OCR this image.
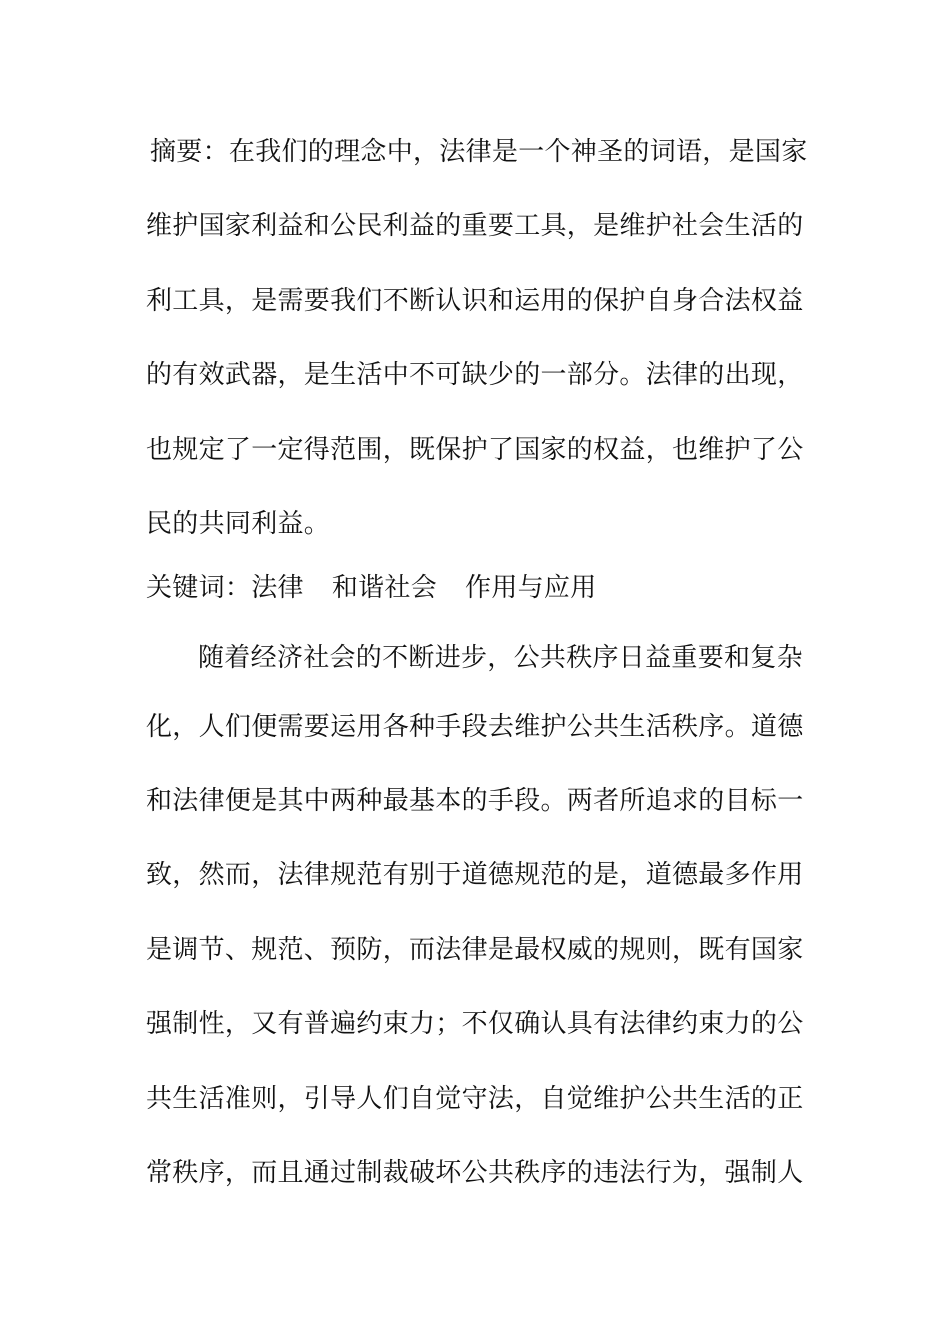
摘要：在我们的理念中，法律是一个神圣的词语，是国家
维护国家利益和公民利益的重要工具，是维护社会生活的
利工具，是需要我们不断认识和运用的保护自身合法权益
的有效武器，是生活中不可缺少的一部分。法律的出现，
也规定了一定得范围，既保护了国家的权益，也维护了公
民的共同利益。
关键词：法律 和谐社会 作用与应用
随着经济社会的不断进步，公共秩序日益重要和复杂
化，人们便需要运用各种手段去维护公共生活秩序。道德
和法律便是其中两种最基本的手段。两者所追求的目标一
致，然而，法律规范有别于道德规范的是，道德最多作用
是调节、规范、预防，而法律是最权威的规则，既有国家
强制性，又有普遍约束力；不仅确认具有法律约束力的公
共生活准则，引导人们自觉守法，自觉维护公共生活的正
常秩序，而且通过制裁破坏公共秩序的违法行为，强制人
